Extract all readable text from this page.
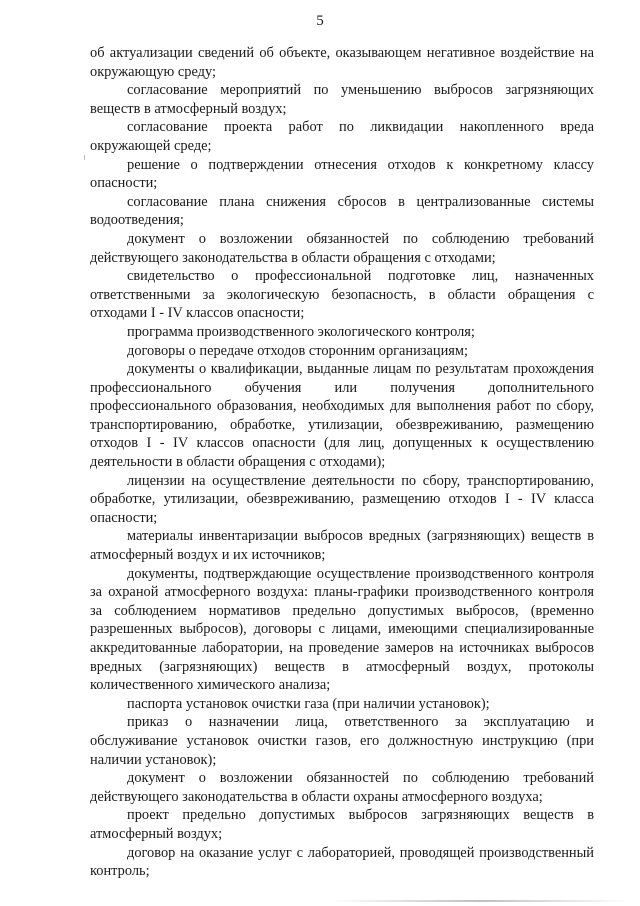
5

об актуализации сведений об объекте, оказывающем негативное воздействие на окружающую среду;

согласование мероприятий по уменьшению выбросов загрязняющих веществ в атмосферный воздух;

согласование проекта работ по ликвидации накопленного вреда окружающей среде;

решение о подтверждении отнесения отходов к конкретному классу опасности;

согласование плана снижения сбросов в централизованные системы водоотведения;

документ о возложении обязанностей по соблюдению требований действующего законодательства в области обращения с отходами;

свидетельство о профессиональной подготовке лиц, назначенных ответственными за экологическую безопасность, в области обращения с отходами I - IV классов опасности;

программа производственного экологического контроля;

договоры о передаче отходов сторонним организациям;

документы о квалификации, выданные лицам по результатам прохождения профессионального обучения или получения дополнительного профессионального образования, необходимых для выполнения работ по сбору, транспортированию, обработке, утилизации, обезвреживанию, размещению отходов I - IV классов опасности (для лиц, допущенных к осуществлению деятельности в области обращения с отходами);

лицензии на осуществление деятельности по сбору, транспортированию, обработке, утилизации, обезвреживанию, размещению отходов I - IV класса опасности;

материалы инвентаризации выбросов вредных (загрязняющих) веществ в атмосферный воздух и их источников;

документы, подтверждающие осуществление производственного контроля за охраной атмосферного воздуха: планы-графики производственного контроля за соблюдением нормативов предельно допустимых выбросов, (временно разрешенных выбросов), договоры с лицами, имеющими специализированные аккредитованные лаборатории, на проведение замеров на источниках выбросов вредных (загрязняющих) веществ в атмосферный воздух, протоколы количественного химического анализа;

паспорта установок очистки газа (при наличии установок);

приказ о назначении лица, ответственного за эксплуатацию и обслуживание установок очистки газов, его должностную инструкцию (при наличии установок);

документ о возложении обязанностей по соблюдению требований действующего законодательства в области охраны атмосферного воздуха;

проект предельно допустимых выбросов загрязняющих веществ в атмосферный воздух;

договор на оказание услуг с лабораторией, проводящей производственный контроль;
